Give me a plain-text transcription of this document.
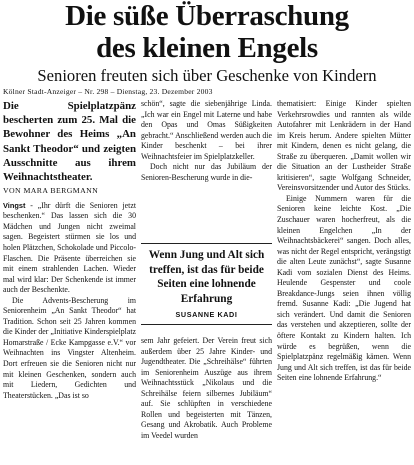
Die süße Überraschung
des kleinen Engels
Senioren freuten sich über Geschenke von Kindern
Kölner Stadt-Anzeiger – Nr. 298 – Dienstag, 23. Dezember 2003

Die Spielplatzpänz bescherten zum 25. Mal die Bewohner des Heims „An Sankt Theodor“ und zeigten Ausschnitte aus ihrem Weihnachtstheater.

VON MARA BERGMANN

Vingst - „Ihr dürft die Senioren jetzt beschenken.“ Das lassen sich die 30 Mädchen und Jungen nicht zweimal sagen. Begeistert stürmen sie los und holen Plätzchen, Schokolade und Piccolo-Flaschen. Die Präsente überreichen sie mit einem strahlenden Lachen. Wieder mal wird klar: Der Schenkende ist immer auch der Beschenkte.

Die Advents-Bescherung im Seniorenheim „An Sankt Theodor“ hat Tradition. Schon seit 25 Jahren kommen die Kinder der „Initiative Kinderspielplatz Homarstraße / Ecke Kampgasse e.V.“ vor Weihnachten ins Vingster Altenheim. Dort erfreuen sie die Senioren nicht nur mit kleinen Geschenken, sondern auch mit Liedern, Gedichten und Theaterstücken. „Das ist so

schön“, sagte die siebenjährige Linda. „Ich war ein Engel mit Laterne und habe den Opas und Omas Süßigkeiten gebracht.“ Anschließend werden auch die Kinder beschenkt – bei ihrer Weihnachtsfeier im Spielplatzkeller.

Doch nicht nur das Jubiläum der Senioren-Bescherung wurde in die-

Wenn Jung und Alt sich treffen, ist das für beide Seiten eine lohnende Erfahrung
SUSANNE KADI

sem Jahr gefeiert. Der Verein freut sich außerdem über 25 Jahre Kinder- und Jugendtheater. Die „Schreihälse“ führten im Seniorenheim Auszüge aus ihrem Weihnachtsstück „Nikolaus und die Schreihälse feiern silbernes Jubiläum“ auf. Sie schlüpften in verschiedene Rollen und begeisterten mit Tänzen, Gesang und Akrobatik. Auch Probleme im Veedel wurden

thematisiert: Einige Kinder spielten Verkehrsrowdies und rannten als wilde Autofahrer mit Lenkrädern in der Hand im Kreis herum. Andere spielten Mütter mit Kindern, denen es nicht gelang, die Straße zu überqueren. „Damit wollen wir die Situation an der Lustheider Straße kritisieren“, sagte Wolfgang Schneider, Vereinsvorsitzender und Autor des Stücks.

Einige Nummern waren für die Senioren keine leichte Kost. „Die Zuschauer waren hocherfreut, als die kleinen Engelchen „In der Weihnachtsbäckerei“ sangen. Doch alles, was nicht der Regel entspricht, verängstigt die alten Leute zunächst“, sagte Susanne Kadi vom sozialen Dienst des Heims. Heulende Gespenster und coole Breakdance-Jungs seien ihnen völlig fremd. Susanne Kadi: „Die Jugend hat sich verändert. Und damit die Senioren das verstehen und akzeptieren, sollte der öftere Kontakt zu Kindern halten. Ich würde es begrüßen, wenn die Spielplatzpänz regelmäßig kämen. Wenn Jung und Alt sich treffen, ist das für beide Seiten eine lohnende Erfahrung.“
